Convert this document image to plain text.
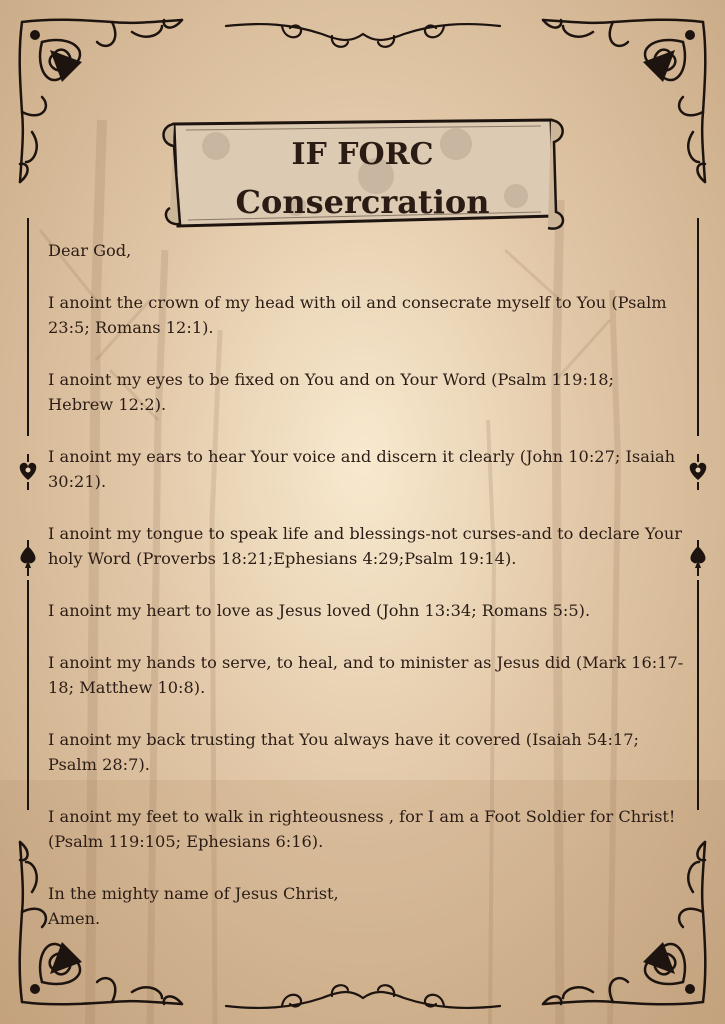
IF FORC
Consercration

Dear God,

I anoint the crown of my head with oil and consecrate myself to You (Psalm 23:5; Romans 12:1).

I anoint my eyes to be fixed on You and on Your Word (Psalm 119:18; Hebrew 12:2).

I anoint my ears to hear Your voice and discern it clearly (John 10:27; Isaiah 30:21).

I anoint my tongue to speak life and blessings-not curses-and to declare Your holy Word (Proverbs 18:21;Ephesians 4:29;Psalm 19:14).

I anoint my heart to love as Jesus loved (John 13:34; Romans 5:5).

I anoint my hands to serve, to heal, and to minister as Jesus did (Mark 16:17-18; Matthew 10:8).

I anoint my back trusting that You always have it covered (Isaiah 54:17; Psalm 28:7).

I anoint my feet to walk in righteousness , for I am a Foot Soldier for Christ! (Psalm 119:105; Ephesians 6:16).

In the mighty name of Jesus Christ,

Amen.
